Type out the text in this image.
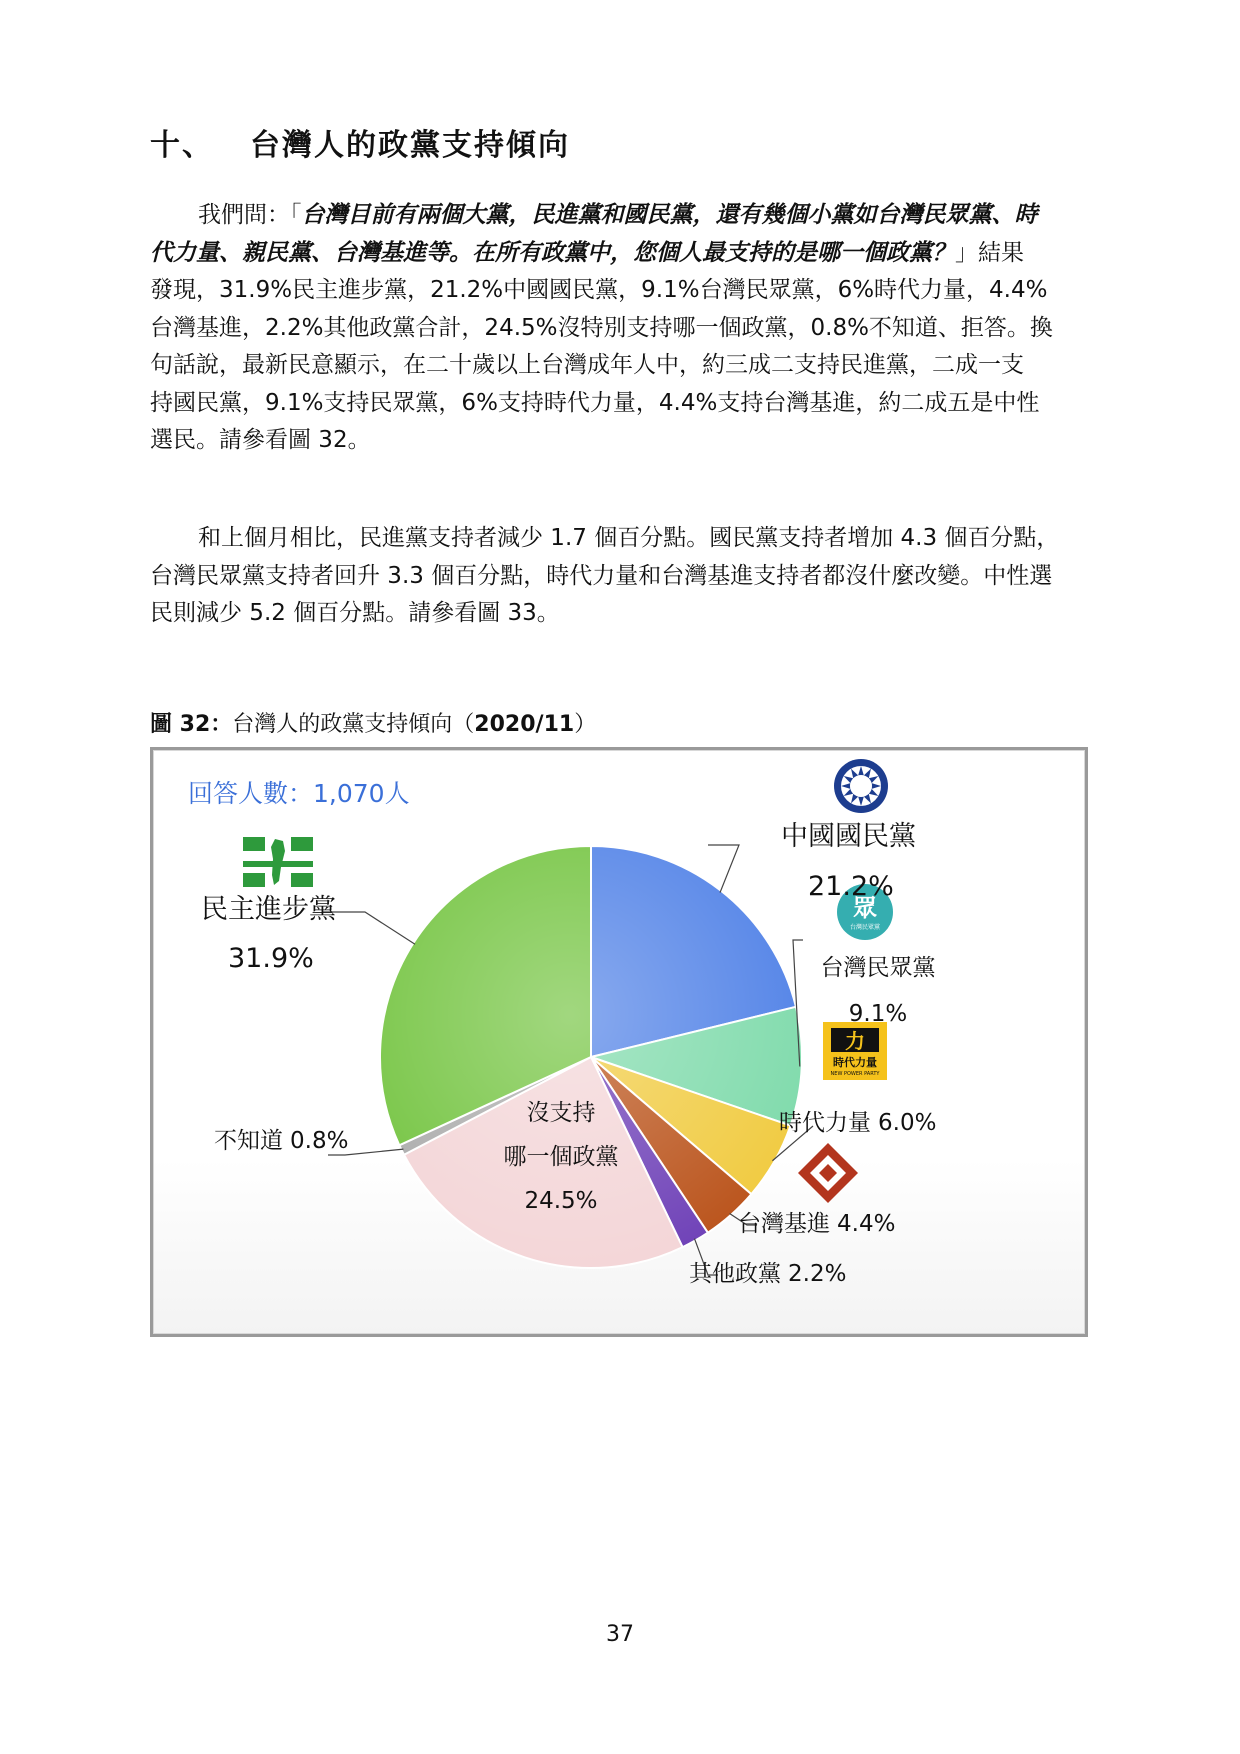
十、 台灣人的政黨支持傾向
我們問：「台灣目前有兩個大黨，民進黨和國民黨，還有幾個小黨如台灣民眾黨、時
代力量、親民黨、台灣基進等。在所有政黨中，您個人最支持的是哪一個政黨？」結果
發現，31.9%民主進步黨，21.2%中國國民黨，9.1%台灣民眾黨，6%時代力量，4.4%
台灣基進，2.2%其他政黨合計，24.5%沒特別支持哪一個政黨，0.8%不知道、拒答。換
句話說，最新民意顯示，在二十歲以上台灣成年人中，約三成二支持民進黨，二成一支
持國民黨，9.1%支持民眾黨，6%支持時代力量，4.4%支持台灣基進，約二成五是中性
選民。請參看圖 32。
和上個月相比，民進黨支持者減少 1.7 個百分點。國民黨支持者增加 4.3 個百分點，
台灣民眾黨支持者回升 3.3 個百分點，時代力量和台灣基進支持者都沒什麼改變。中性選
民則減少 5.2 個百分點。請參看圖 33。
圖 32：台灣人的政黨支持傾向（2020/11）
回答人數：1,070人
眾
台灣民眾黨
力
時代力量
NEW POWER PARTY
民主進步黨
31.9%
中國國民黨
21.2%
台灣民眾黨
9.1%
時代力量 6.0%
台灣基進 4.4%
其他政黨 2.2%
不知道 0.8%
沒支持
哪一個政黨
24.5%
37
